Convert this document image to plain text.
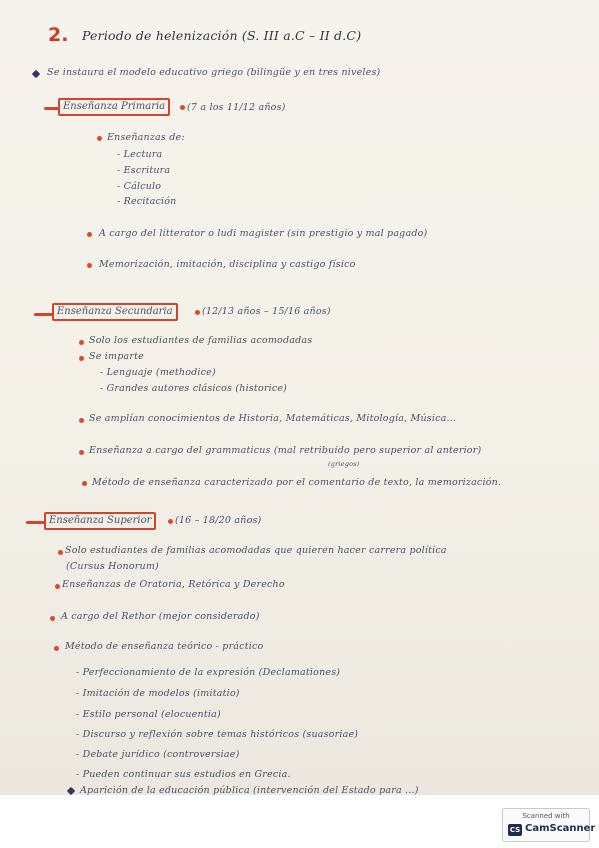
2. Periodo de helenización (S. III a.C – II d.C)
Se instaura el modelo educativo griego (bilingüe y en tres niveles)
Enseñanza Primaria	(7 a los 11/12 años)
Enseñanzas de:
- Lectura
- Escritura
- Cálculo
- Recitación
A cargo del litterator o ludi magister (sin prestigio y mal pagado)
Memorización, imitación, disciplina y castigo físico
Enseñanza Secundaria	(12/13 años – 15/16 años)
Solo los estudiantes de familias acomodadas
Se imparte
- Lenguaje (methodice)
- Grandes autores clásicos (historice)
Se amplían conocimientos de Historia, Matemáticas, Mitología, Música...
Enseñanza a cargo del grammaticus (mal retribuido pero superior al anterior)
(griegos)
Método de enseñanza caracterizado por el comentario de texto, la memorización.
Enseñanza Superior	(16 – 18/20 años)
Solo estudiantes de familias acomodadas que quieren hacer carrera política
(Cursus Honorum)
Enseñanzas de Oratoria, Retórica y Derecho
A cargo del Rethor (mejor considerado)
Método de enseñanza teórico - práctico
- Perfeccionamiento de la expresión (Declamationes)
- Imitación de modelos (imitatio)
- Estilo personal (elocuentia)
- Discurso y reflexión sobre temas históricos (suasoriae)
- Debate jurídico (controversiae)
- Pueden continuar sus estudios en Grecia.
Aparición de la educación pública (intervención del Estado para ...)
Scanned with
CS CamScanner
